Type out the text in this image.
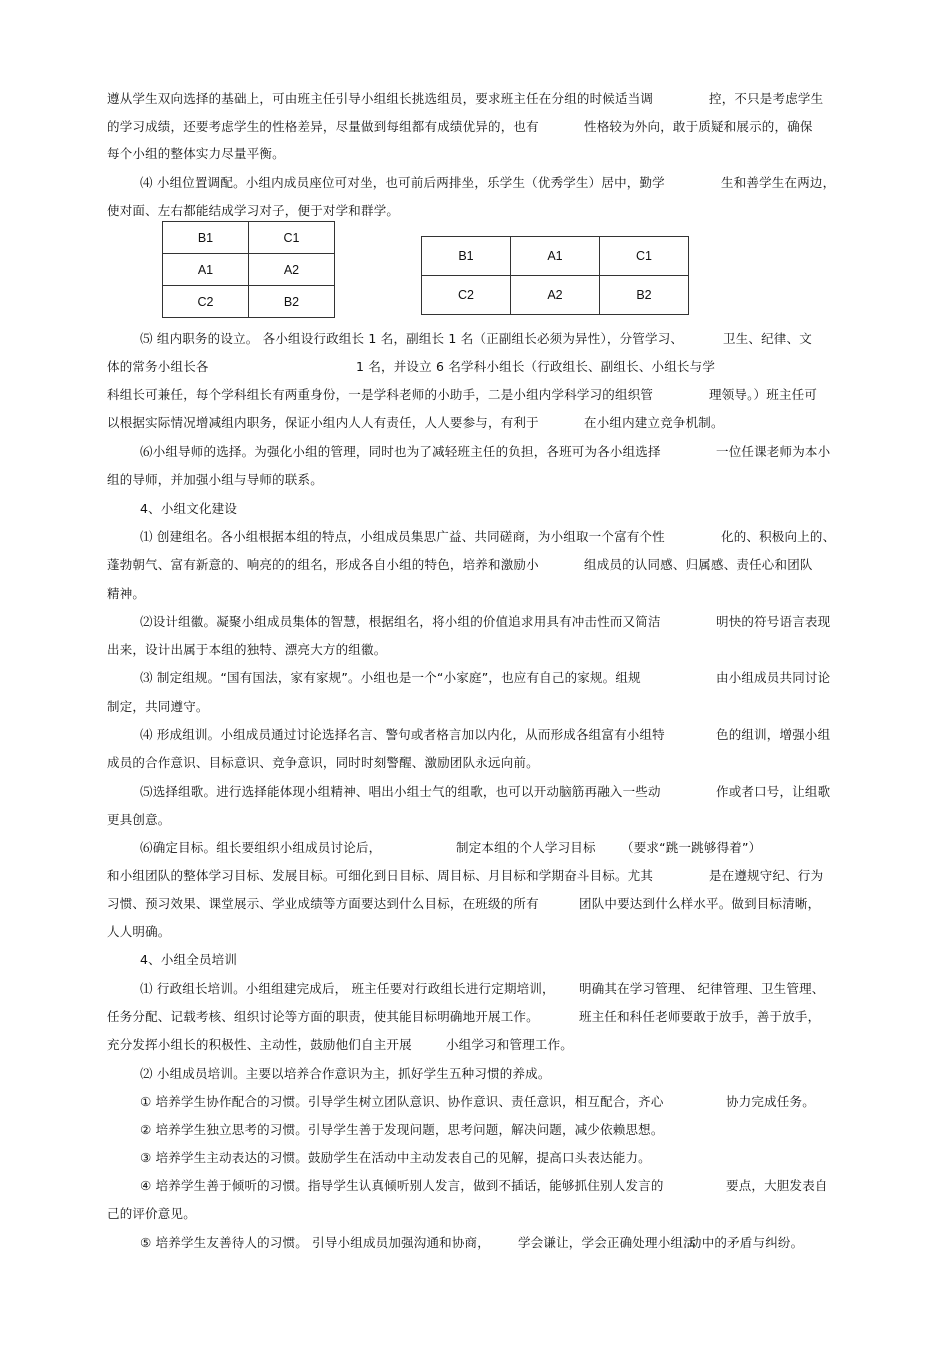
遵从学生双向选择的基础上，可由班主任引导小组组长挑选组员，要求班主任在分组的时候适当调	控，不只是考虑学生
的学习成绩，还要考虑学生的性格差异，尽量做到每组都有成绩优异的，也有	性格较为外向，敢于质疑和展示的，确保
每个小组的整体实力尽量平衡。
⑷ 小组位置调配。小组内成员座位可对坐，也可前后两排坐，乐学生（优秀学生）居中，勤学	生和善学生在两边，
使对面、左右都能结成学习对子，便于对学和群学。
⑸ 组内职务的设立。 各小组设行政组长 1 名，副组长 1 名（正副组长必须为异性），分管学习、	卫生、纪律、文
体的常务小组长各	1 名，并设立 6 名学科小组长（行政组长、副组长、小组长与学
科组长可兼任，每个学科组长有两重身份，一是学科老师的小助手，二是小组内学科学习的组织管	理领导。）班主任可
以根据实际情况增减组内职务，保证小组内人人有责任，人人要参与，有利于	在小组内建立竞争机制。
⑹小组导师的选择。为强化小组的管理，同时也为了减轻班主任的负担，各班可为各小组选择	一位任课老师为本小
组的导师，并加强小组与导师的联系。
4、小组文化建设
⑴ 创建组名。各小组根据本组的特点，小组成员集思广益、共同磋商，为小组取一个富有个性	化的、积极向上的、
蓬勃朝气、富有新意的、响亮的的组名，形成各自小组的特色，培养和激励小	组成员的认同感、归属感、责任心和团队
精神。
⑵设计组徽。凝聚小组成员集体的智慧，根据组名，将小组的价值追求用具有冲击性而又简洁	明快的符号语言表现
出来，设计出属于本组的独特、漂亮大方的组徽。
⑶ 制定组规。“国有国法，家有家规”。小组也是一个“小家庭”，也应有自己的家规。组规	由小组成员共同讨论
制定，共同遵守。
⑷ 形成组训。小组成员通过讨论选择名言、警句或者格言加以内化，从而形成各组富有小组特	色的组训，增强小组
成员的合作意识、目标意识、竞争意识，同时时刻警醒、激励团队永远向前。
⑸选择组歌。进行选择能体现小组精神、唱出小组士气的组歌，也可以开动脑筋再融入一些动	作或者口号，让组歌
更具创意。
⑹确定目标。组长要组织小组成员讨论后，	制定本组的个人学习目标 （要求“跳一跳够得着”）
和小组团队的整体学习目标、发展目标。可细化到日目标、周目标、月目标和学期奋斗目标。尤其	是在遵规守纪、行为
习惯、预习效果、课堂展示、学业成绩等方面要达到什么目标，在班级的所有	团队中要达到什么样水平。做到目标清晰，
人人明确。
4、小组全员培训
⑴ 行政组长培训。小组组建完成后， 班主任要对行政组长进行定期培训， 明确其在学习管理、 纪律管理、卫生管理、
任务分配、记载考核、组织讨论等方面的职责，使其能目标明确地开展工作。	班主任和科任老师要敢于放手，善于放手，
充分发挥小组长的积极性、主动性，鼓励他们自主开展	小组学习和管理工作。
⑵ 小组成员培训。主要以培养合作意识为主，抓好学生五种习惯的养成。
① 培养学生协作配合的习惯。引导学生树立团队意识、协作意识、责任意识，相互配合，齐心	协力完成任务。
② 培养学生独立思考的习惯。引导学生善于发现问题，思考问题，解决问题，减少依赖思想。
③ 培养学生主动表达的习惯。鼓励学生在活动中主动发表自己的见解，提高口头表达能力。
④ 培养学生善于倾听的习惯。指导学生认真倾听别人发言，做到不插话，能够抓住别人发言的	要点，大胆发表自
己的评价意见。
⑤ 培养学生友善待人的习惯。 引导小组成员加强沟通和协商， 学会谦让，学会正确处理小组活
动中的矛盾与纠纷。
B1	C1
A1	A2
C2	B2
B1	A1	C1
C2	A2	B2
